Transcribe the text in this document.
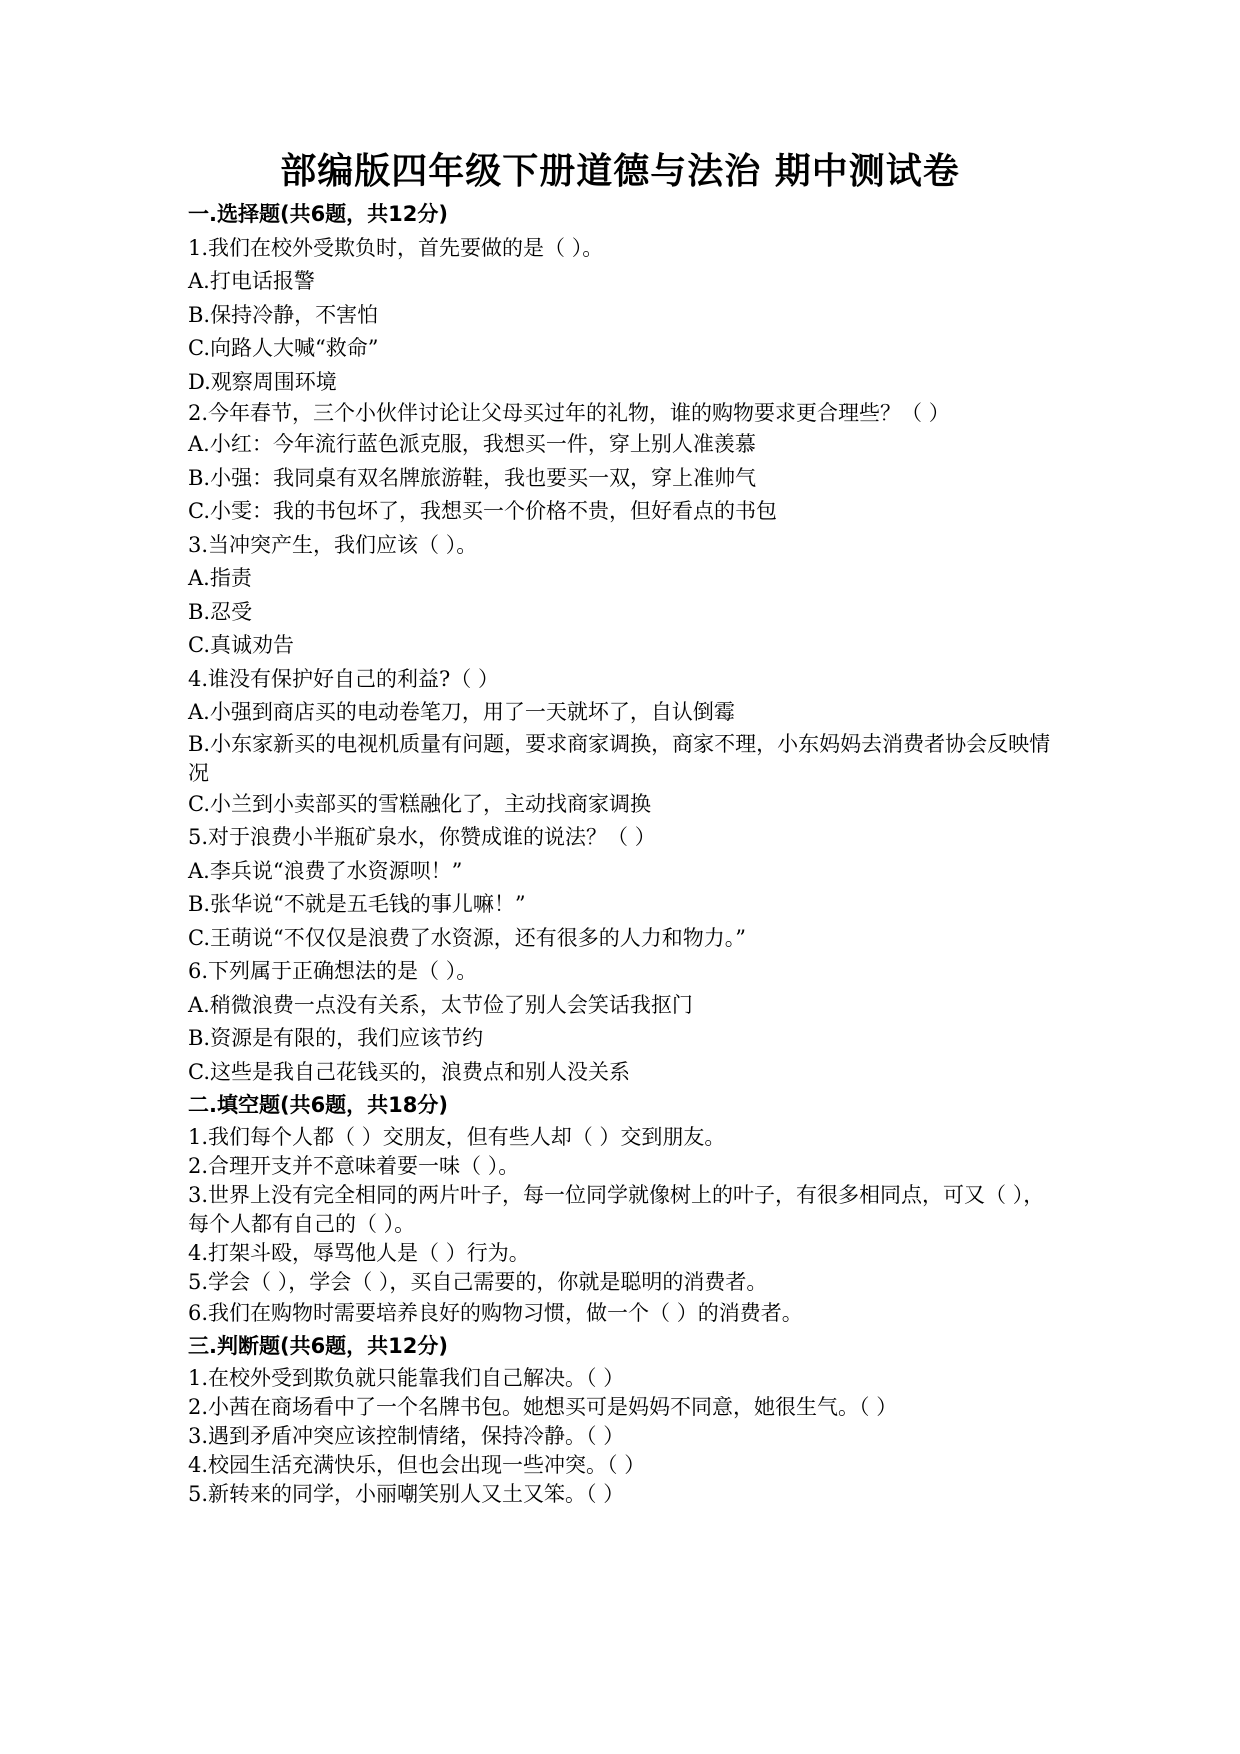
部编版四年级下册道德与法治 期中测试卷
一.选择题(共6题，共12分)
1.我们在校外受欺负时，首先要做的是（ ）。
A.打电话报警
B.保持冷静，不害怕
C.向路人大喊“救命”
D.观察周围环境
2.今年春节，三个小伙伴讨论让父母买过年的礼物，谁的购物要求更合理些？（ ）
A.小红：今年流行蓝色派克服，我想买一件，穿上别人准羡慕
B.小强：我同桌有双名牌旅游鞋，我也要买一双，穿上准帅气
C.小雯：我的书包坏了，我想买一个价格不贵，但好看点的书包
3.当冲突产生，我们应该（ ）。
A.指责
B.忍受
C.真诚劝告
4.谁没有保护好自己的利益?（ ）
A.小强到商店买的电动卷笔刀，用了一天就坏了，自认倒霉
B.小东家新买的电视机质量有问题，要求商家调换，商家不理，小东妈妈去消费者协会反映情况
C.小兰到小卖部买的雪糕融化了，主动找商家调换
5.对于浪费小半瓶矿泉水，你赞成谁的说法？（ ）
A.李兵说“浪费了水资源呗！”
B.张华说“不就是五毛钱的事儿嘛！”
C.王萌说“不仅仅是浪费了水资源，还有很多的人力和物力。”
6.下列属于正确想法的是（ ）。
A.稍微浪费一点没有关系，太节俭了别人会笑话我抠门
B.资源是有限的，我们应该节约
C.这些是我自己花钱买的，浪费点和别人没关系
二.填空题(共6题，共18分)
1.我们每个人都（ ）交朋友，但有些人却（ ）交到朋友。
2.合理开支并不意味着要一味（ ）。
3.世界上没有完全相同的两片叶子，每一位同学就像树上的叶子，有很多相同点，可又（ ），每个人都有自己的（ ）。
4.打架斗殴，辱骂他人是（ ）行为。
5.学会（ ），学会（ ），买自己需要的，你就是聪明的消费者。
6.我们在购物时需要培养良好的购物习惯，做一个（ ）的消费者。
三.判断题(共6题，共12分)
1.在校外受到欺负就只能靠我们自己解决。（ ）
2.小茜在商场看中了一个名牌书包。她想买可是妈妈不同意，她很生气。（ ）
3.遇到矛盾冲突应该控制情绪，保持冷静。（ ）
4.校园生活充满快乐，但也会出现一些冲突。（ ）
5.新转来的同学，小丽嘲笑别人又土又笨。（ ）
